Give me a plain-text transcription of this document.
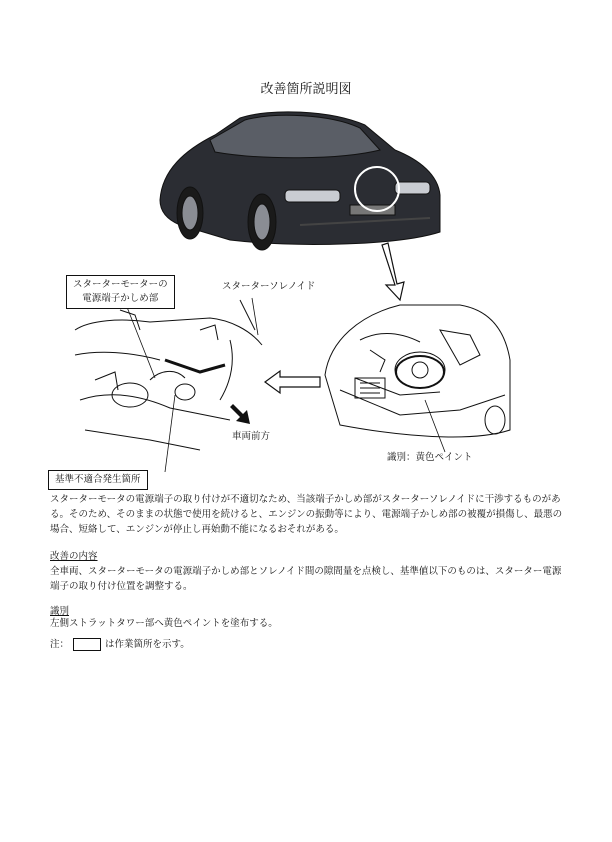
改善箇所説明図
スターターモーターの
電源端子かしめ部
スターターソレノイド
車両前方
基準不適合発生箇所
識別：黄色ペイント
スターターモータの電源端子の取り付けが不適切なため、当該端子かしめ部がスターターソレノイドに干渉するものがある。そのため、そのままの状態で使用を続けると、エンジンの振動等により、電源端子かしめ部の被覆が損傷し、最悪の場合、短絡して、エンジンが停止し再始動不能になるおそれがある。
改善の内容
全車両、スターターモータの電源端子かしめ部とソレノイド間の隙間量を点検し、基準値以下のものは、スターター電源端子の取り付け位置を調整する。
識別
左側ストラットタワー部へ黄色ペイントを塗布する。
注：	は作業箇所を示す。
